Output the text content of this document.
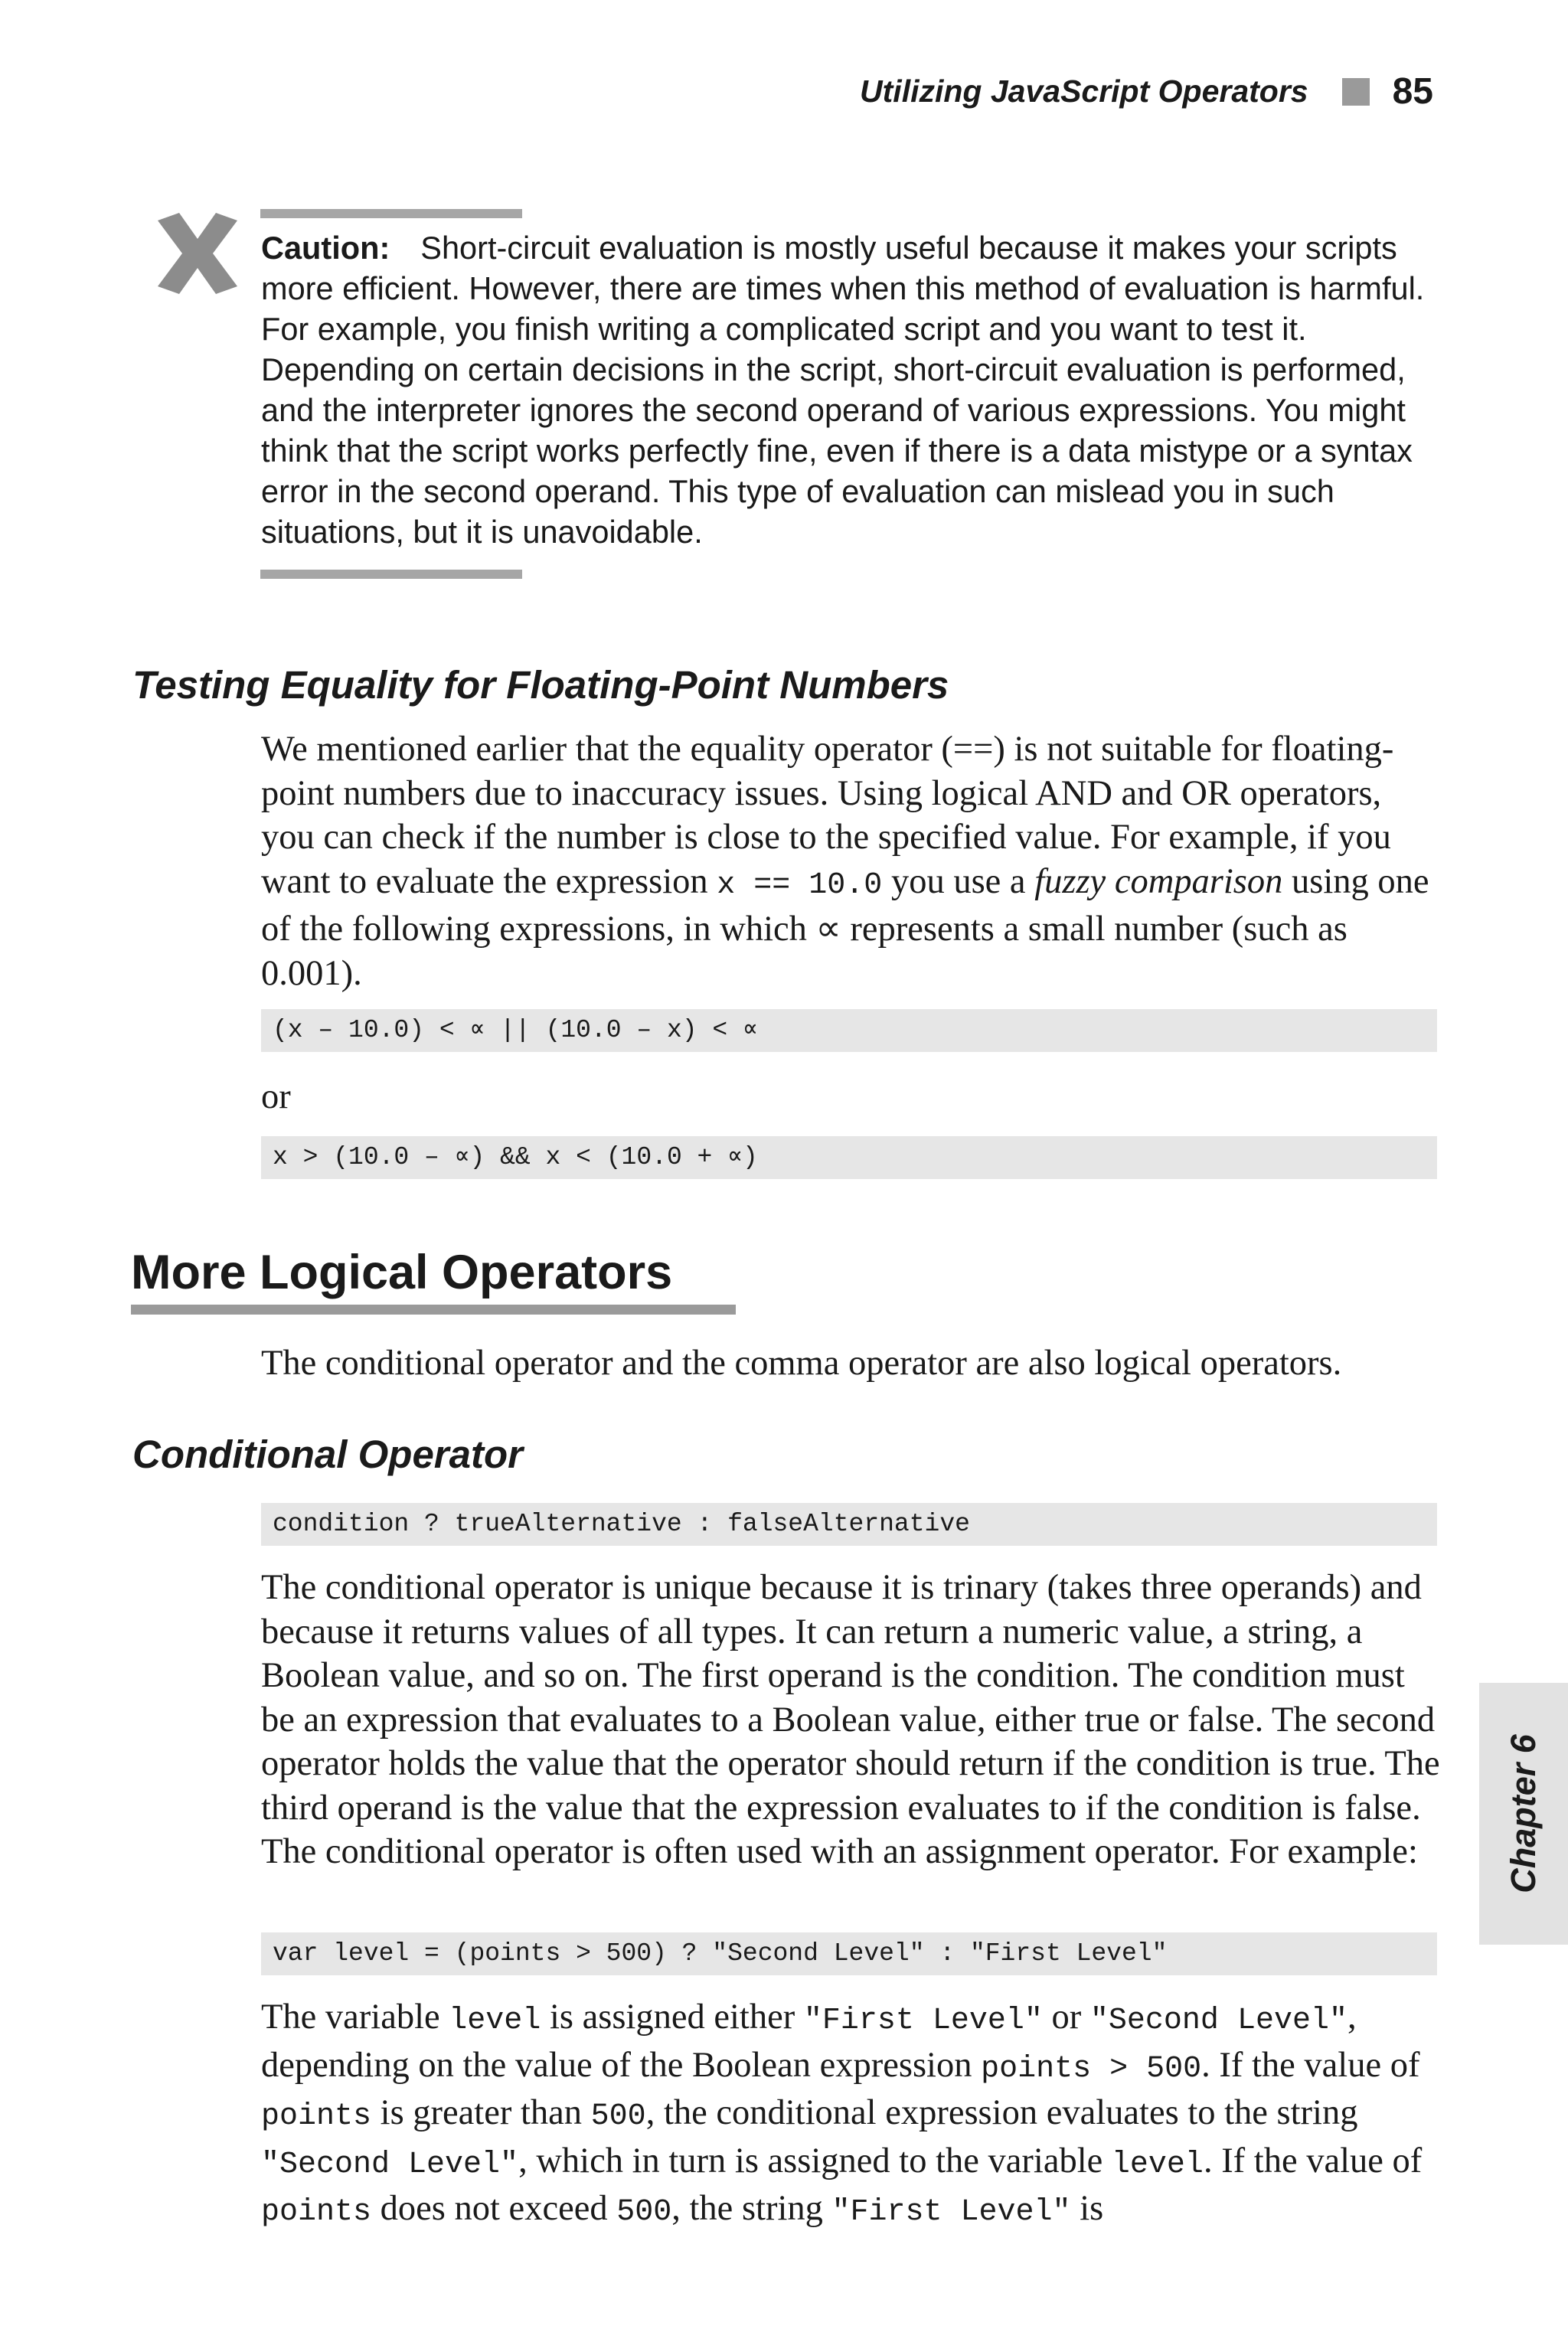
Utilizing JavaScript Operators 85
Caution: Short-circuit evaluation is mostly useful because it makes your scripts more efficient. However, there are times when this method of evaluation is harmful. For example, you finish writing a complicated script and you want to test it. Depending on certain decisions in the script, short-circuit evaluation is performed, and the interpreter ignores the second operand of various expressions. You might think that the script works perfectly fine, even if there is a data mistype or a syntax error in the second operand. This type of evaluation can mislead you in such situations, but it is unavoidable.
Testing Equality for Floating-Point Numbers
We mentioned earlier that the equality operator (==) is not suitable for floating-point numbers due to inaccuracy issues. Using logical AND and OR operators, you can check if the number is close to the specified value. For example, if you want to evaluate the expression x == 10.0 you use a fuzzy comparison using one of the following expressions, in which ∝ represents a small number (such as 0.001).
(x – 10.0) < ∝ || (10.0 – x) < ∝
or
x > (10.0 – ∝) && x < (10.0 + ∝)
More Logical Operators
The conditional operator and the comma operator are also logical operators.
Conditional Operator
condition ? trueAlternative : falseAlternative
The conditional operator is unique because it is trinary (takes three operands) and because it returns values of all types. It can return a numeric value, a string, a Boolean value, and so on. The first operand is the condition. The condition must be an expression that evaluates to a Boolean value, either true or false. The second operator holds the value that the operator should return if the condition is true. The third operand is the value that the expression evaluates to if the condition is false. The conditional operator is often used with an assignment operator. For example:
var level = (points > 500) ? "Second Level" : "First Level"
The variable level is assigned either "First Level" or "Second Level", depending on the value of the Boolean expression points > 500. If the value of points is greater than 500, the conditional expression evaluates to the string "Second Level", which in turn is assigned to the variable level. If the value of points does not exceed 500, the string "First Level" is
Chapter 6
